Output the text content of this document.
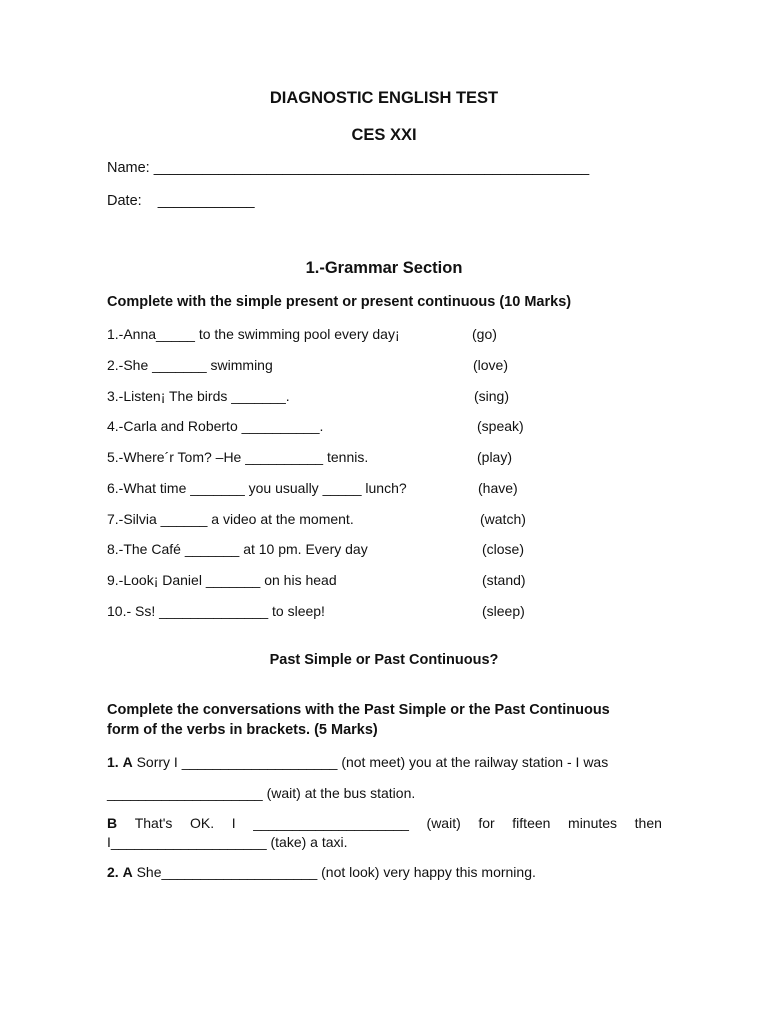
DIAGNOSTIC ENGLISH TEST
CES XXI
Name: ______________________________________________________
Date: ____________
1.-Grammar Section
Complete with the simple present or present continuous (10 Marks)
1.-Anna_____ to the swimming pool every day¡	(go)
2.-She _______ swimming	(love)
3.-Listen¡ The birds _______.	(sing)
4.-Carla and Roberto __________.	(speak)
5.-Where´r Tom? –He __________ tennis.	(play)
6.-What time _______ you usually _____ lunch?	(have)
7.-Silvia ______ a video at the moment.	(watch)
8.-The Café _______ at 10 pm. Every day	(close)
9.-Look¡ Daniel _______ on his head	(stand)
10.- Ss! ______________ to sleep!	(sleep)
Past Simple or Past Continuous?
Complete the conversations with the Past Simple or the Past Continuous
form of the verbs in brackets. (5 Marks)
1. A Sorry I ____________________ (not meet) you at the railway station - I was
____________________ (wait) at the bus station.
B That's OK. I ____________________ (wait) for fifteen minutes then
I____________________ (take) a taxi.
2. A She____________________ (not look) very happy this morning.
